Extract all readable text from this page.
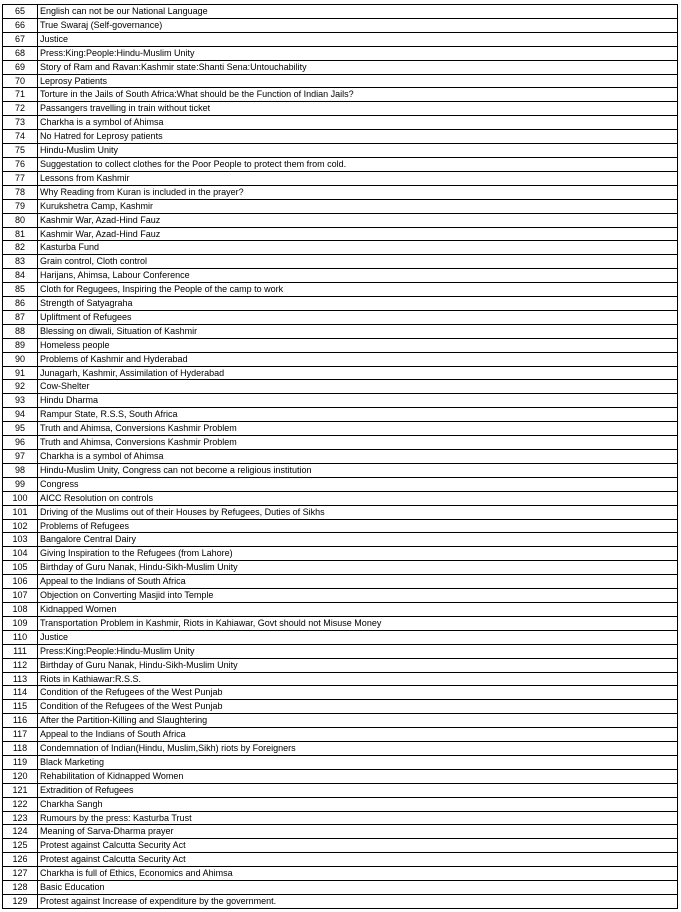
65	English can not be our National Language
66	True Swaraj (Self-governance)
67	Justice
68	Press:King:People:Hindu-Muslim Unity
69	Story of Ram and Ravan:Kashmir state:Shanti Sena:Untouchability
70	Leprosy Patients
71	Torture in the Jails of South Africa:What should be the Function of Indian Jails?
72	Passangers travelling in train without ticket
73	Charkha is a symbol of Ahimsa
74	No Hatred for Leprosy patients
75	Hindu-Muslim Unity
76	Suggestation to collect clothes for the Poor People to protect them from cold.
77	Lessons from Kashmir
78	Why Reading from Kuran is included in the prayer?
79	Kurukshetra Camp, Kashmir
80	Kashmir War, Azad-Hind Fauz
81	Kashmir War, Azad-Hind Fauz
82	Kasturba Fund
83	Grain control, Cloth control
84	Harijans, Ahimsa, Labour Conference
85	Cloth for Regugees, Inspiring the People of the camp to work
86	Strength of Satyagraha
87	Upliftment of Refugees
88	Blessing on diwali, Situation of Kashmir
89	Homeless people
90	Problems of Kashmir and Hyderabad
91	Junagarh, Kashmir, Assimilation of Hyderabad
92	Cow-Shelter
93	Hindu Dharma
94	Rampur State, R.S.S, South Africa
95	Truth and Ahimsa, Conversions Kashmir Problem
96	Truth and Ahimsa, Conversions Kashmir Problem
97	Charkha is a symbol of Ahimsa
98	Hindu-Muslim Unity, Congress can not become a religious institution
99	Congress
100	AICC Resolution on controls
101	Driving of the Muslims out of their Houses by Refugees, Duties of Sikhs
102	Problems of Refugees
103	Bangalore Central Dairy
104	Giving Inspiration to the Refugees (from Lahore)
105	Birthday of Guru Nanak, Hindu-Sikh-Muslim Unity
106	Appeal to the Indians of South Africa
107	Objection on Converting Masjid into Temple
108	Kidnapped Women
109	Transportation Problem in Kashmir, Riots in Kahiawar, Govt should not Misuse Money
110	Justice
111	Press:King:People:Hindu-Muslim Unity
112	Birthday of Guru Nanak, Hindu-Sikh-Muslim Unity
113	Riots in Kathiawar:R.S.S.
114	Condition of the Refugees of the West Punjab
115	Condition of the Refugees of the West Punjab
116	After the Partition-Killing and Slaughtering
117	Appeal to the Indians of South Africa
118	Condemnation of Indian(Hindu, Muslim,Sikh) riots by Foreigners
119	Black Marketing
120	Rehabilitation of Kidnapped Women
121	Extradition of Refugees
122	Charkha Sangh
123	Rumours by the press: Kasturba Trust
124	Meaning of Sarva-Dharma prayer
125	Protest against Calcutta Security Act
126	Protest against Calcutta Security Act
127	Charkha is full of Ethics, Economics and Ahimsa
128	Basic Education
129	Protest against Increase of expenditure by the government.
